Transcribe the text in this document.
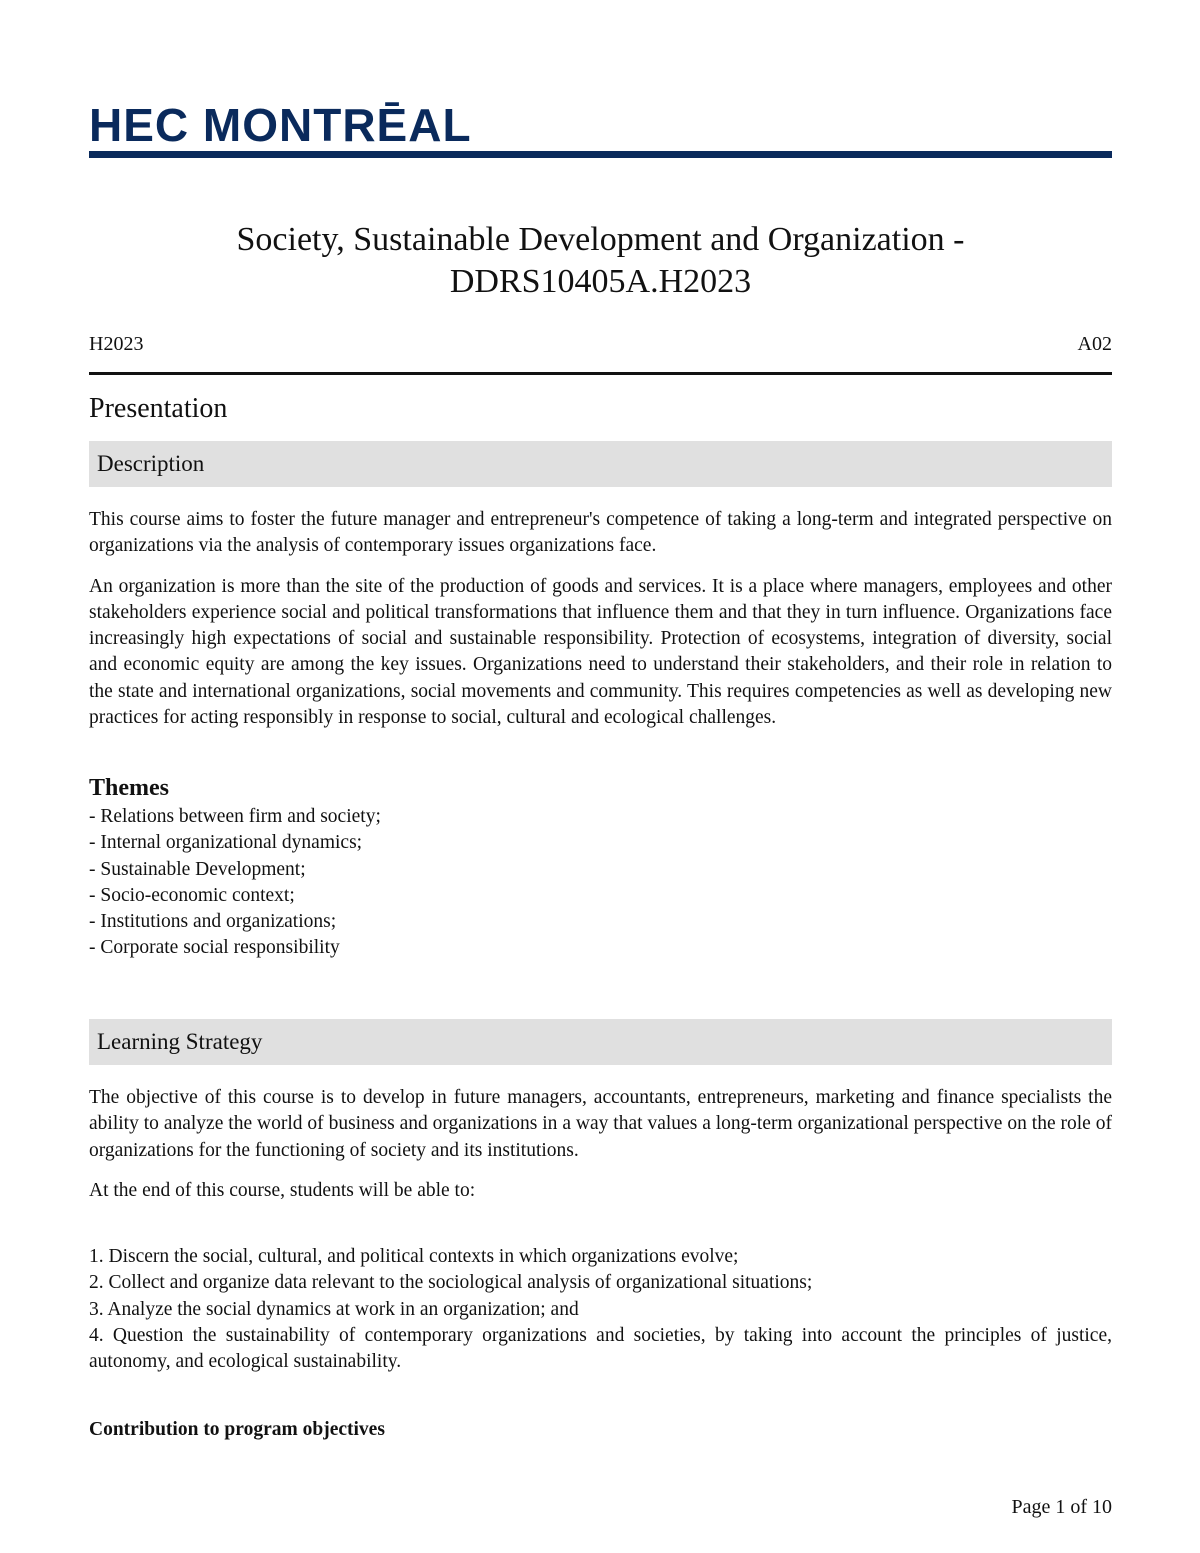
HEC MONTRĒAL
Society, Sustainable Development and Organization -
DDRS10405A.H2023
H2023	A02
Presentation
Description

This course aims to foster the future manager and entrepreneur's competence of taking a long-term and integrated perspective on organizations via the analysis of contemporary issues organizations face.

An organization is more than the site of the production of goods and services. It is a place where managers, employees and other stakeholders experience social and political transformations that influence them and that they in turn influence. Organizations face increasingly high expectations of social and sustainable responsibility. Protection of ecosystems, integration of diversity, social and economic equity are among the key issues. Organizations need to understand their stakeholders, and their role in relation to the state and international organizations, social movements and community. This requires competencies as well as developing new practices for acting responsibly in response to social, cultural and ecological challenges.

Themes
- Relations between firm and society;
- Internal organizational dynamics;
- Sustainable Development;
- Socio-economic context;
- Institutions and organizations;
- Corporate social responsibility
Learning Strategy

The objective of this course is to develop in future managers, accountants, entrepreneurs, marketing and finance specialists the ability to analyze the world of business and organizations in a way that values a long-term organizational perspective on the role of organizations for the functioning of society and its institutions.

At the end of this course, students will be able to:

1. Discern the social, cultural, and political contexts in which organizations evolve;
2. Collect and organize data relevant to the sociological analysis of organizational situations;
3. Analyze the social dynamics at work in an organization; and
4. Question the sustainability of contemporary organizations and societies, by taking into account the principles of justice, autonomy, and ecological sustainability.
Contribution to program objectives
Page 1 of 10
